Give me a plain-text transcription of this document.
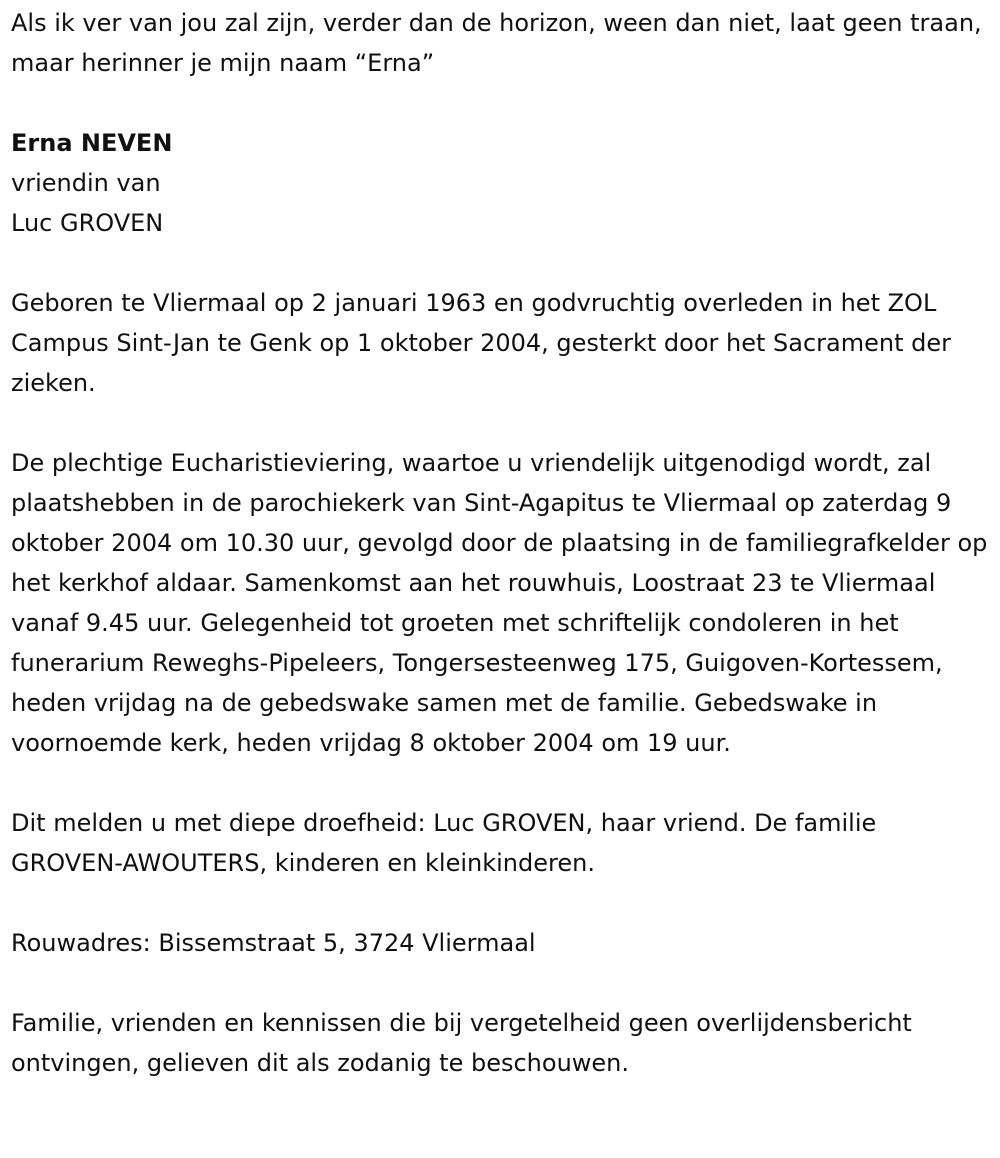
Als ik ver van jou zal zijn, verder dan de horizon, ween dan niet, laat geen traan, maar herinner je mijn naam “Erna”

Erna NEVEN

vriendin van

Luc GROVEN

Geboren te Vliermaal op 2 januari 1963 en godvruchtig overleden in het ZOL Campus Sint-Jan te Genk op 1 oktober 2004, gesterkt door het Sacrament der zieken.

De plechtige Eucharistieviering, waartoe u vriendelijk uitgenodigd wordt, zal plaatshebben in de parochiekerk van Sint-Agapitus te Vliermaal op zaterdag 9 oktober 2004 om 10.30 uur, gevolgd door de plaatsing in de familiegrafkelder op het kerkhof aldaar. Samenkomst aan het rouwhuis, Loostraat 23 te Vliermaal vanaf 9.45 uur. Gelegenheid tot groeten met schriftelijk condoleren in het funerarium Reweghs-Pipeleers, Tongersesteenweg 175, Guigoven-Kortessem, heden vrijdag na de gebedswake samen met de familie. Gebedswake in voornoemde kerk, heden vrijdag 8 oktober 2004 om 19 uur.

Dit melden u met diepe droefheid: Luc GROVEN, haar vriend. De familie GROVEN-AWOUTERS, kinderen en kleinkinderen.

Rouwadres: Bissemstraat 5, 3724 Vliermaal

Familie, vrienden en kennissen die bij vergetelheid geen overlijdensbericht ontvingen, gelieven dit als zodanig te beschouwen.
